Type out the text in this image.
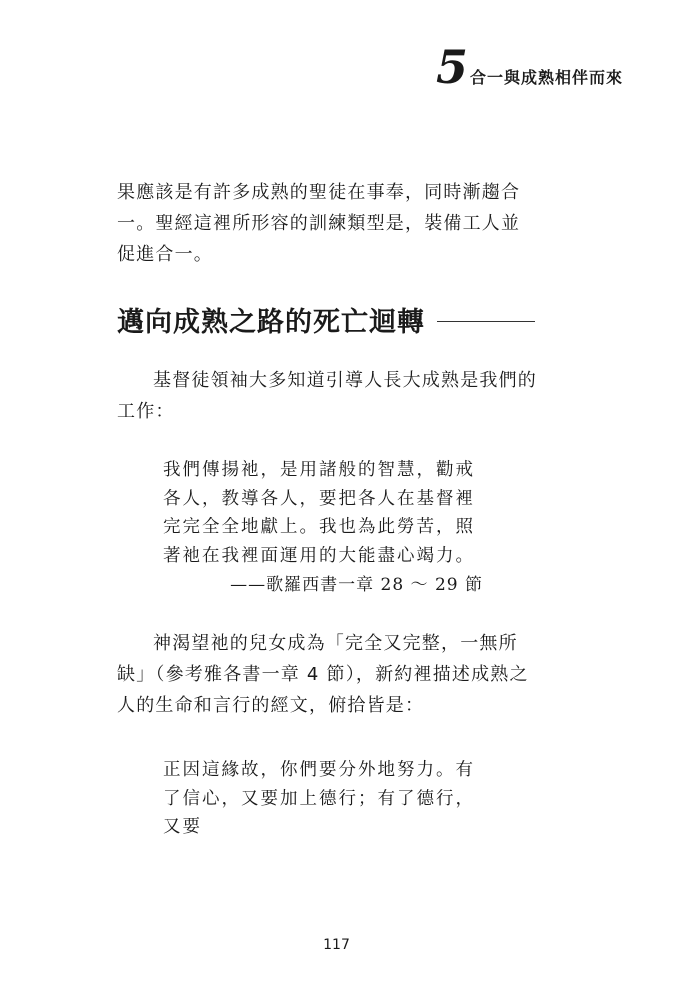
5 合一與成熟相伴而來

果應該是有許多成熟的聖徒在事奉，同時漸趨合一。聖經這裡所形容的訓練類型是，裝備工人並促進合一。

邁向成熟之路的死亡迴轉

基督徒領袖大多知道引導人長大成熟是我們的工作：

我們傳揚祂，是用諸般的智慧，勸戒各人，教導各人，要把各人在基督裡完完全全地獻上。我也為此勞苦，照著祂在我裡面運用的大能盡心竭力。

——歌羅西書一章 28 ～ 29 節

神渴望祂的兒女成為「完全又完整，一無所缺」（參考雅各書一章 4 節），新約裡描述成熟之人的生命和言行的經文，俯拾皆是：

正因這緣故，你們要分外地努力。有了信心，又要加上德行；有了德行，又要

117
